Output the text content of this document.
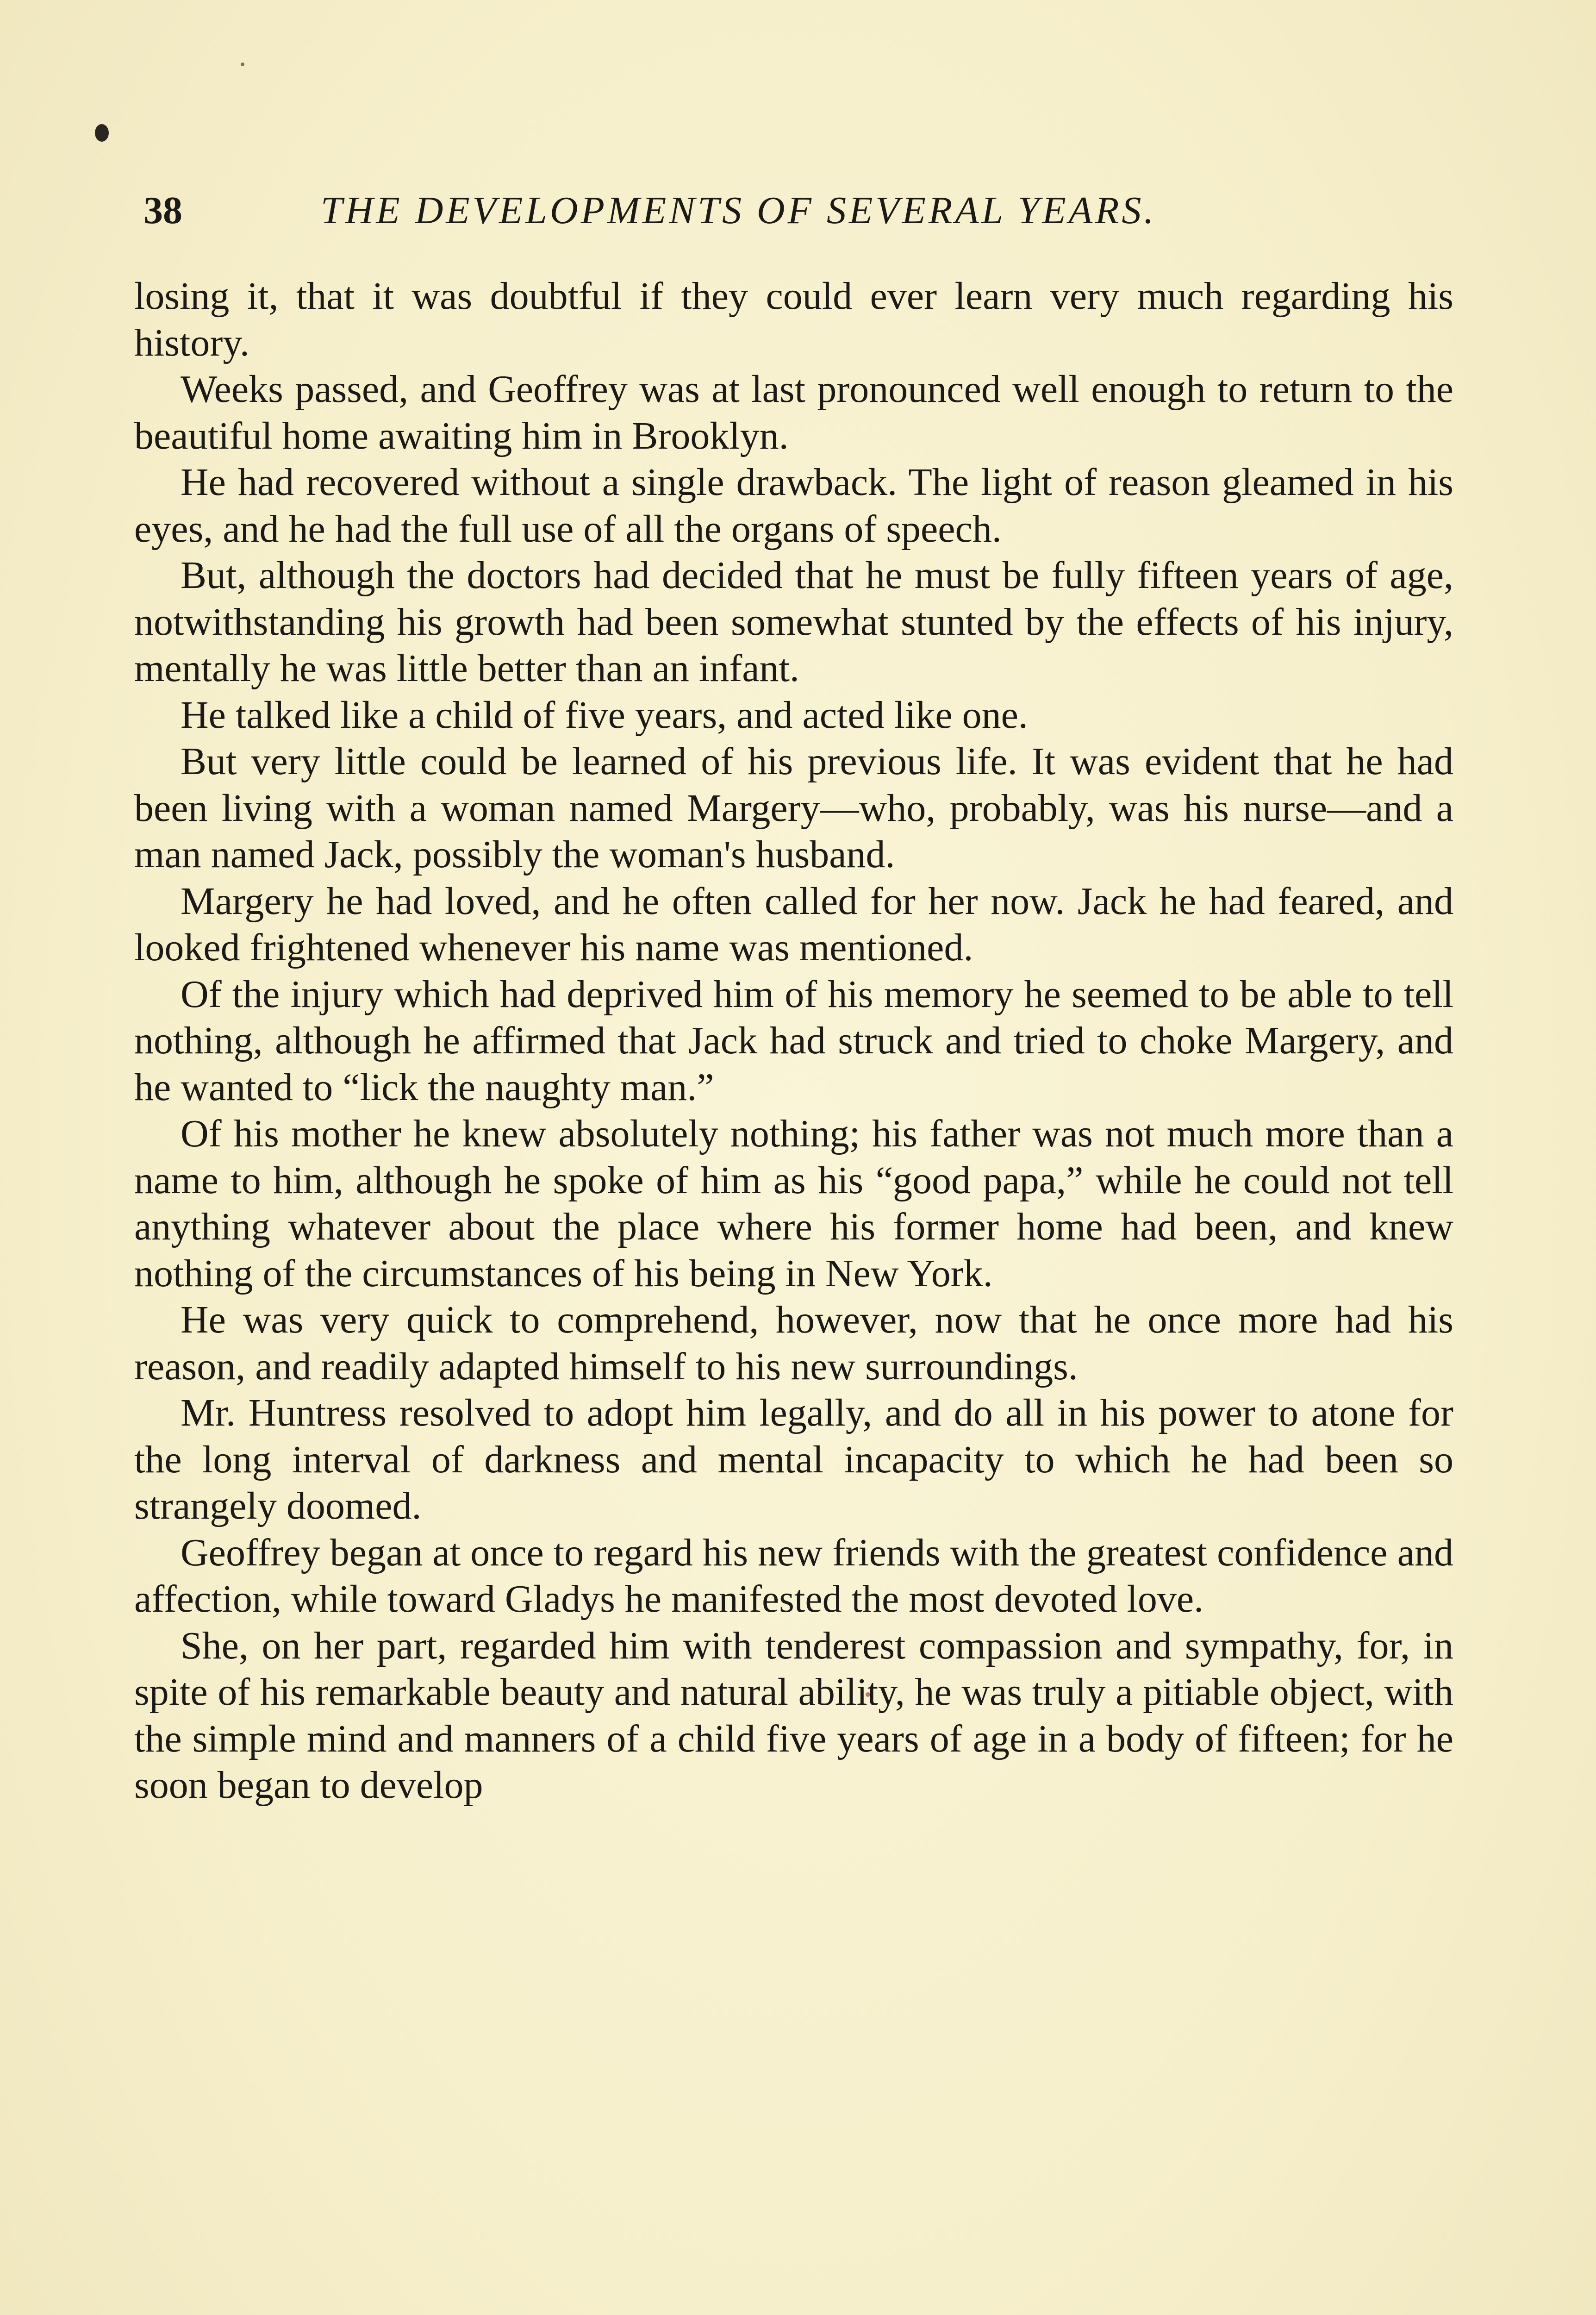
38	THE DEVELOPMENTS OF SEVERAL YEARS.

losing it, that it was doubtful if they could ever learn very much regarding his history.

Weeks passed, and Geoffrey was at last pronounced well enough to return to the beautiful home awaiting him in Brooklyn.

He had recovered without a single drawback. The light of reason gleamed in his eyes, and he had the full use of all the organs of speech.

But, although the doctors had decided that he must be fully fifteen years of age, notwithstanding his growth had been somewhat stunted by the effects of his injury, mentally he was little better than an infant.

He talked like a child of five years, and acted like one.

But very little could be learned of his previous life. It was evident that he had been living with a woman named Margery—who, probably, was his nurse—and a man named Jack, possibly the woman's husband.

Margery he had loved, and he often called for her now. Jack he had feared, and looked frightened whenever his name was mentioned.

Of the injury which had deprived him of his memory he seemed to be able to tell nothing, although he affirmed that Jack had struck and tried to choke Margery, and he wanted to “lick the naughty man.”

Of his mother he knew absolutely nothing; his father was not much more than a name to him, although he spoke of him as his “good papa,” while he could not tell anything whatever about the place where his former home had been, and knew nothing of the circumstances of his being in New York.

He was very quick to comprehend, however, now that he once more had his reason, and readily adapted himself to his new surroundings.

Mr. Huntress resolved to adopt him legally, and do all in his power to atone for the long interval of darkness and mental incapacity to which he had been so strangely doomed.

Geoffrey began at once to regard his new friends with the greatest confidence and affection, while toward Gladys he manifested the most devoted love.

She, on her part, regarded him with tenderest compassion and sympathy, for, in spite of his remarkable beauty and natural ability, he was truly a pitiable object, with the simple mind and manners of a child five years of age in a body of fifteen; for he soon began to develop
